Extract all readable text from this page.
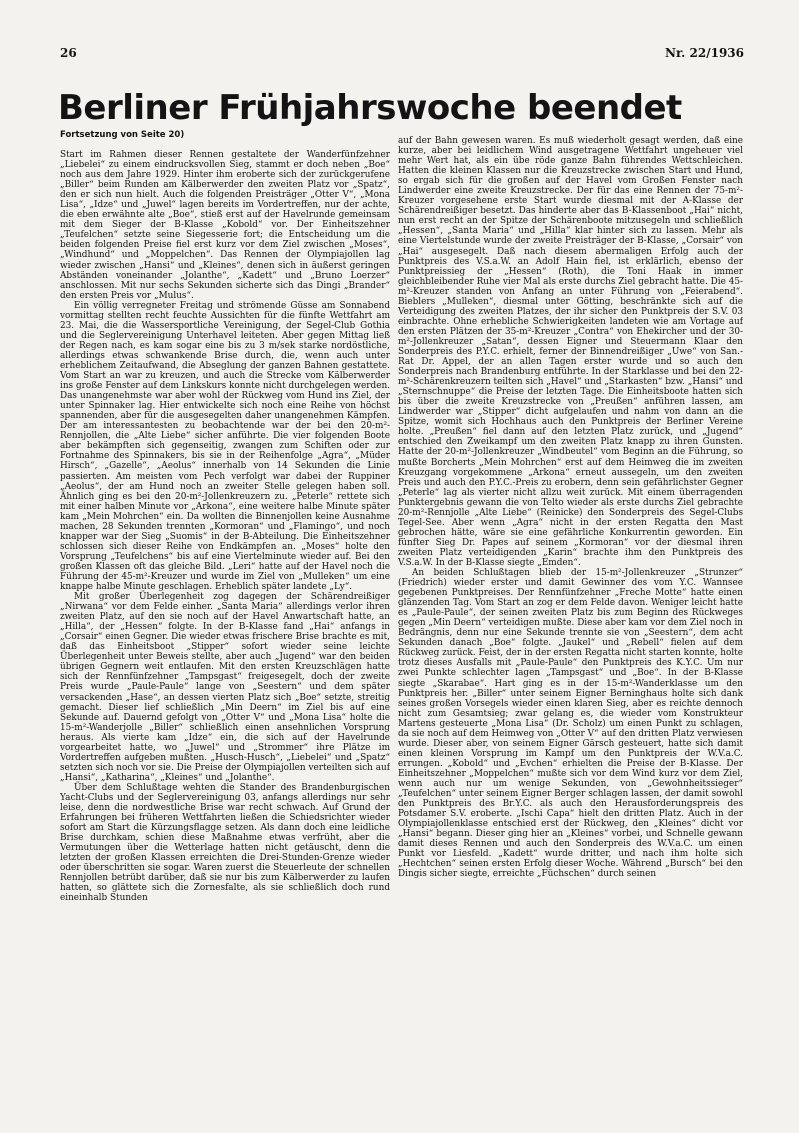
26	Nr. 22/1936
Berliner Frühjahrswoche beendet
Fortsetzung von Seite 20)

Start im Rahmen dieser Rennen gestaltete der Wanderfünfzehner „Liebelei“ zu einem eindrucksvollen Sieg, stammt er doch neben „Boe“ noch aus dem Jahre 1929. Hinter ihm eroberte sich der zurückgerufene „Biller“ beim Runden am Kälberwerder den zweiten Platz vor „Spatz“, den er sich nun hielt. Auch die folgenden Preisträger „Otter V“, „Mona Lisa“, „Idze“ und „Juwel“ lagen bereits im Vordertreffen, nur der achte, die eben erwähnte alte „Boe“, stieß erst auf der Havelrunde gemeinsam mit dem Sieger der B-Klasse „Kobold“ vor. Der Einheitszehner „Teufelchen“ setzte seine Siegesserie fort; die Entscheidung um die beiden folgenden Preise fiel erst kurz vor dem Ziel zwischen „Moses“, „Windhund“ und „Moppelchen“. Das Rennen der Olympiajollen lag wieder zwischen „Hansi“ und „Kleines“, denen sich in äußerst geringen Abständen voneinander „Jolanthe“, „Kadett“ und „Bruno Loerzer“ anschlossen. Mit nur sechs Sekunden sicherte sich das Dingi „Brander“ den ersten Preis vor „Mulus“.

Ein völlig verregneter Freitag und strömende Güsse am Sonnabend vormittag stellten recht feuchte Aussichten für die fünfte Wettfahrt am 23. Mai, die die Wassersportliche Vereinigung, der Segel-Club Gothia und die Seglervereinigung Unterhavel leiteten. Aber gegen Mittag ließ der Regen nach, es kam sogar eine bis zu 3 m/sek starke nordöstliche, allerdings etwas schwankende Brise durch, die, wenn auch unter erheblichem Zeitaufwand, die Abseglung der ganzen Bahnen gestattete. Vom Start an war zu kreuzen, und auch die Strecke vom Kälberwerder ins große Fenster auf dem Linkskurs konnte nicht durchgelegen werden. Das unangenehmste war aber wohl der Rückweg vom Hund ins Ziel, der unter Spinnaker lag. Hier entwickelte sich noch eine Reihe von höchst spannenden, aber für die ausgesegelten daher unangenehmen Kämpfen. Der am interessantesten zu beobachtende war der bei den 20-m²-Rennjollen, die „Alte Liebe“ sicher anführte. Die vier folgenden Boote aber bekämpften sich gegenseitig, zwangen zum Schiften oder zur Fortnahme des Spinnakers, bis sie in der Reihenfolge „Agra“, „Müder Hirsch“, „Gazelle“, „Aeolus“ innerhalb von 14 Sekunden die Linie passierten. Am meisten vom Pech verfolgt war dabei der Ruppiner „Aeolus“, der am Hund noch an zweiter Stelle gelegen haben soll. Ähnlich ging es bei den 20-m²-Jollenkreuzern zu. „Peterle“ rettete sich mit einer halben Minute vor „Arkona“, eine weitere halbe Minute später kam „Mein Mohrchen“ ein. Da wollten die Binnenjollen keine Ausnahme machen, 28 Sekunden trennten „Kormoran“ und „Flamingo“, und noch knapper war der Sieg „Suomis“ in der B-Abteilung. Die Einheitszehner schlossen sich dieser Reihe von Endkämpfen an. „Moses“ holte den Vorsprung „Teufelchens“ bis auf eine Viertelminute wieder auf. Bei den großen Klassen oft das gleiche Bild. „Leri“ hatte auf der Havel noch die Führung der 45-m²-Kreuzer und wurde im Ziel von „Mulleken“ um eine knappe halbe Minute geschlagen. Erheblich später landete „Ly“.

Mit großer Überlegenheit zog dagegen der Schärendreißiger „Nirwana“ vor dem Felde einher. „Santa Maria“ allerdings verlor ihren zweiten Platz, auf den sie noch auf der Havel Anwartschaft hatte, an „Hilla“, der „Hessen“ folgte. In der B-Klasse fand „Hai“ anfangs in „Corsair“ einen Gegner. Die wieder etwas frischere Brise brachte es mit, daß das Einheitsboot „Stipper“ sofort wieder seine leichte Überlegenheit unter Beweis stellte, aber auch „Jugend“ war den beiden übrigen Gegnern weit entlaufen. Mit den ersten Kreuzschlägen hatte sich der Rennfünfzehner „Tampsgast“ freigesegelt, doch der zweite Preis wurde „Paule-Paule“ lange von „Seestern“ und dem später versackenden „Hase“, an dessen vierten Platz sich „Boe“ setzte, streitig gemacht. Dieser lief schließlich „Min Deern“ im Ziel bis auf eine Sekunde auf. Dauernd gefolgt von „Otter V“ und „Mona Lisa“ holte die 15-m²-Wanderjolle „Biller“ schließlich einen ansehnlichen Vorsprung heraus. Als vierte kam „Idze“ ein, die sich auf der Havelrunde vorgearbeitet hatte, wo „Juwel“ und „Strommer“ ihre Plätze im Vordertreffen aufgeben mußten. „Husch-Husch“, „Liebelei“ und „Spatz“ setzten sich noch vor sie. Die Preise der Olympiajollen verteilten sich auf „Hansi“, „Katharina“, „Kleines“ und „Jolanthe“.

Über dem Schlußtage wehten die Stander des Brandenburgischen Yacht-Clubs und der Seglervereinigung 03, anfangs allerdings nur sehr leise, denn die nordwestliche Brise war recht schwach. Auf Grund der Erfahrungen bei früheren Wettfahrten ließen die Schiedsrichter wieder sofort am Start die Kürzungsflagge setzen. Als dann doch eine leidliche Brise durchkam, schien diese Maßnahme etwas verfrüht, aber die Vermutungen über die Wetterlage hatten nicht getäuscht, denn die letzten der großen Klassen erreichten die Drei-Stunden-Grenze wieder oder überschritten sie sogar. Waren zuerst die Steuerleute der schnellen Rennjollen betrübt darüber, daß sie nur bis zum Kälberwerder zu laufen hatten, so glättete sich die Zornesfalte, als sie schließlich doch rund eineinhalb Stunden

auf der Bahn gewesen waren. Es muß wiederholt gesagt werden, daß eine kurze, aber bei leidlichem Wind ausgetragene Wettfahrt ungeheuer viel mehr Wert hat, als ein übe röde ganze Bahn führendes Wettschleichen. Hatten die kleinen Klassen nur die Kreuzstrecke zwischen Start und Hund, so ergab sich für die großen auf der Havel vom Großen Fenster nach Lindwerder eine zweite Kreuzstrecke. Der für das eine Rennen der 75-m²-Kreuzer vorgesehene erste Start wurde diesmal mit der A-Klasse der Schärendreißiger besetzt. Das hinderte aber das B-Klassenboot „Hai“ nicht, nun erst recht an der Spitze der Schärenboote mitzusegeln und schließlich „Hessen“, „Santa Maria“ und „Hilla“ klar hinter sich zu lassen. Mehr als eine Viertelstunde wurde der zweite Preisträger der B-Klasse, „Corsair“ von „Hai“ ausgesegelt. Daß nach diesem abermaligen Erfolg auch der Punktpreis des V.S.a.W. an Adolf Hain fiel, ist erklärlich, ebenso der Punktpreissieg der „Hessen“ (Roth), die Toni Haak in immer gleichbleibender Ruhe vier Mal als erste durchs Ziel gebracht hatte. Die 45-m²-Kreuzer standen von Anfang an unter Führung von „Feierabend“. Bieblers „Mulleken“, diesmal unter Götting, beschränkte sich auf die Verteidigung des zweiten Platzes, der ihr sicher den Punktpreis der S.V. 03 einbrachte. Ohne erhebliche Schwierigkeiten landeten wie am Vortage auf den ersten Plätzen der 35-m²-Kreuzer „Contra“ von Ehekircher und der 30-m²-Jollenkreuzer „Satan“, dessen Eigner und Steuermann Klaar den Sonderpreis des P.Y.C. erhielt, ferner der Binnendreißiger „Uwe“ von San.-Rat Dr. Appel, der an allen Tagen erster wurde und so auch den Sonderpreis nach Brandenburg entführte. In der Starklasse und bei den 22-m²-Schärenkreuzern teilten sich „Havel“ und „Starkasten“ bzw. „Hansi“ und „Sternschnuppe“ die Preise der letzten Tage. Die Einheitsboote hatten sich bis über die zweite Kreuzstrecke von „Preußen“ anführen lassen, am Lindwerder war „Stipper“ dicht aufgelaufen und nahm von dann an die Spitze, womit sich Hochhaus auch den Punktpreis der Berliner Vereine holte. „Preußen“ fiel dann auf den letzten Platz zurück, und „Jugend“ entschied den Zweikampf um den zweiten Platz knapp zu ihren Gunsten. Hatte der 20-m²-Jollenkreuzer „Windbeutel“ vom Beginn an die Führung, so mußte Borcherts „Mein Mohrchen“ erst auf dem Heimweg die im zweiten Kreuzgang vorgekommene „Arkona“ erneut aussegeln, um den zweiten Preis und auch den P.Y.C.-Preis zu erobern, denn sein gefährlichster Gegner „Peterle“ lag als vierter nicht allzu weit zurück. Mit einem überragenden Punktergebnis gewann die von Telto wieder als erste durchs Ziel gebrachte 20-m²-Rennjolle „Alte Liebe“ (Reinicke) den Sonderpreis des Segel-Clubs Tegel-See. Aber wenn „Agra“ nicht in der ersten Regatta den Mast gebrochen hätte, wäre sie eine gefährliche Konkurrentin geworden. Ein fünfter Sieg Dr. Papes auf seinem „Kormoran“ vor der diesmal ihren zweiten Platz verteidigenden „Karin“ brachte ihm den Punktpreis des V.S.a.W. In der B-Klasse siegte „Emden“.

An beiden Schlußtagen blieb der 15-m²-Jollenkreuzer „Strunzer“ (Friedrich) wieder erster und damit Gewinner des vom Y.C. Wannsee gegebenen Punktpreises. Der Rennfünfzehner „Freche Motte“ hatte einen glänzenden Tag. Vom Start an zog er dem Felde davon. Weniger leicht hatte es „Paule-Paule“, der seinen zweiten Platz bis zum Beginn des Rückweges gegen „Min Deern“ verteidigen mußte. Diese aber kam vor dem Ziel noch in Bedrängnis, denn nur eine Sekunde trennte sie von „Seestern“, dem acht Sekunden danach „Boe“ folgte. „Jaukel“ und „Rebell“ fielen auf dem Rückweg zurück. Feist, der in der ersten Regatta nicht starten konnte, holte trotz dieses Ausfalls mit „Paule-Paule“ den Punktpreis des K.Y.C. Um nur zwei Punkte schlechter lagen „Tampsgast“ und „Boe“. In der B-Klasse siegte „Skarabae“. Hart ging es in der 15-m²-Wanderklasse um den Punktpreis her. „Biller“ unter seinem Eigner Berninghaus holte sich dank seines großen Vorsegels wieder einen klaren Sieg, aber es reichte dennoch nicht zum Gesamtsieg; zwar gelang es, die wieder vom Konstrukteur Martens gesteuerte „Mona Lisa“ (Dr. Scholz) um einen Punkt zu schlagen, da sie noch auf dem Heimweg von „Otter V“ auf den dritten Platz verwiesen wurde. Dieser aber, von seinem Eigner Gärsch gesteuert, hatte sich damit einen kleinen Vorsprung im Kampf um den Punktpreis der W.V.a.C. errungen. „Kobold“ und „Evchen“ erhielten die Preise der B-Klasse. Der Einheitszehner „Moppelchen“ mußte sich vor dem Wind kurz vor dem Ziel, wenn auch nur um wenige Sekunden, von „Gewohnheitssieger“ „Teufelchen“ unter seinem Eigner Berger schlagen lassen, der damit sowohl den Punktpreis des Br.Y.C. als auch den Herausforderungspreis des Potsdamer S.V. eroberte. „Ischi Capa“ hielt den dritten Platz. Auch in der Olympiajollenklasse entschied erst der Rückweg, den „Kleines“ dicht vor „Hansi“ begann. Dieser ging hier an „Kleines“ vorbei, und Schnelle gewann damit dieses Rennen und auch den Sonderpreis des W.V.a.C. um einen Punkt vor Liesfeld. „Kadett“ wurde dritter, und nach ihm holte sich „Hechtchen“ seinen ersten Erfolg dieser Woche. Während „Bursch“ bei den Dingis sicher siegte, erreichte „Füchschen“ durch seinen
